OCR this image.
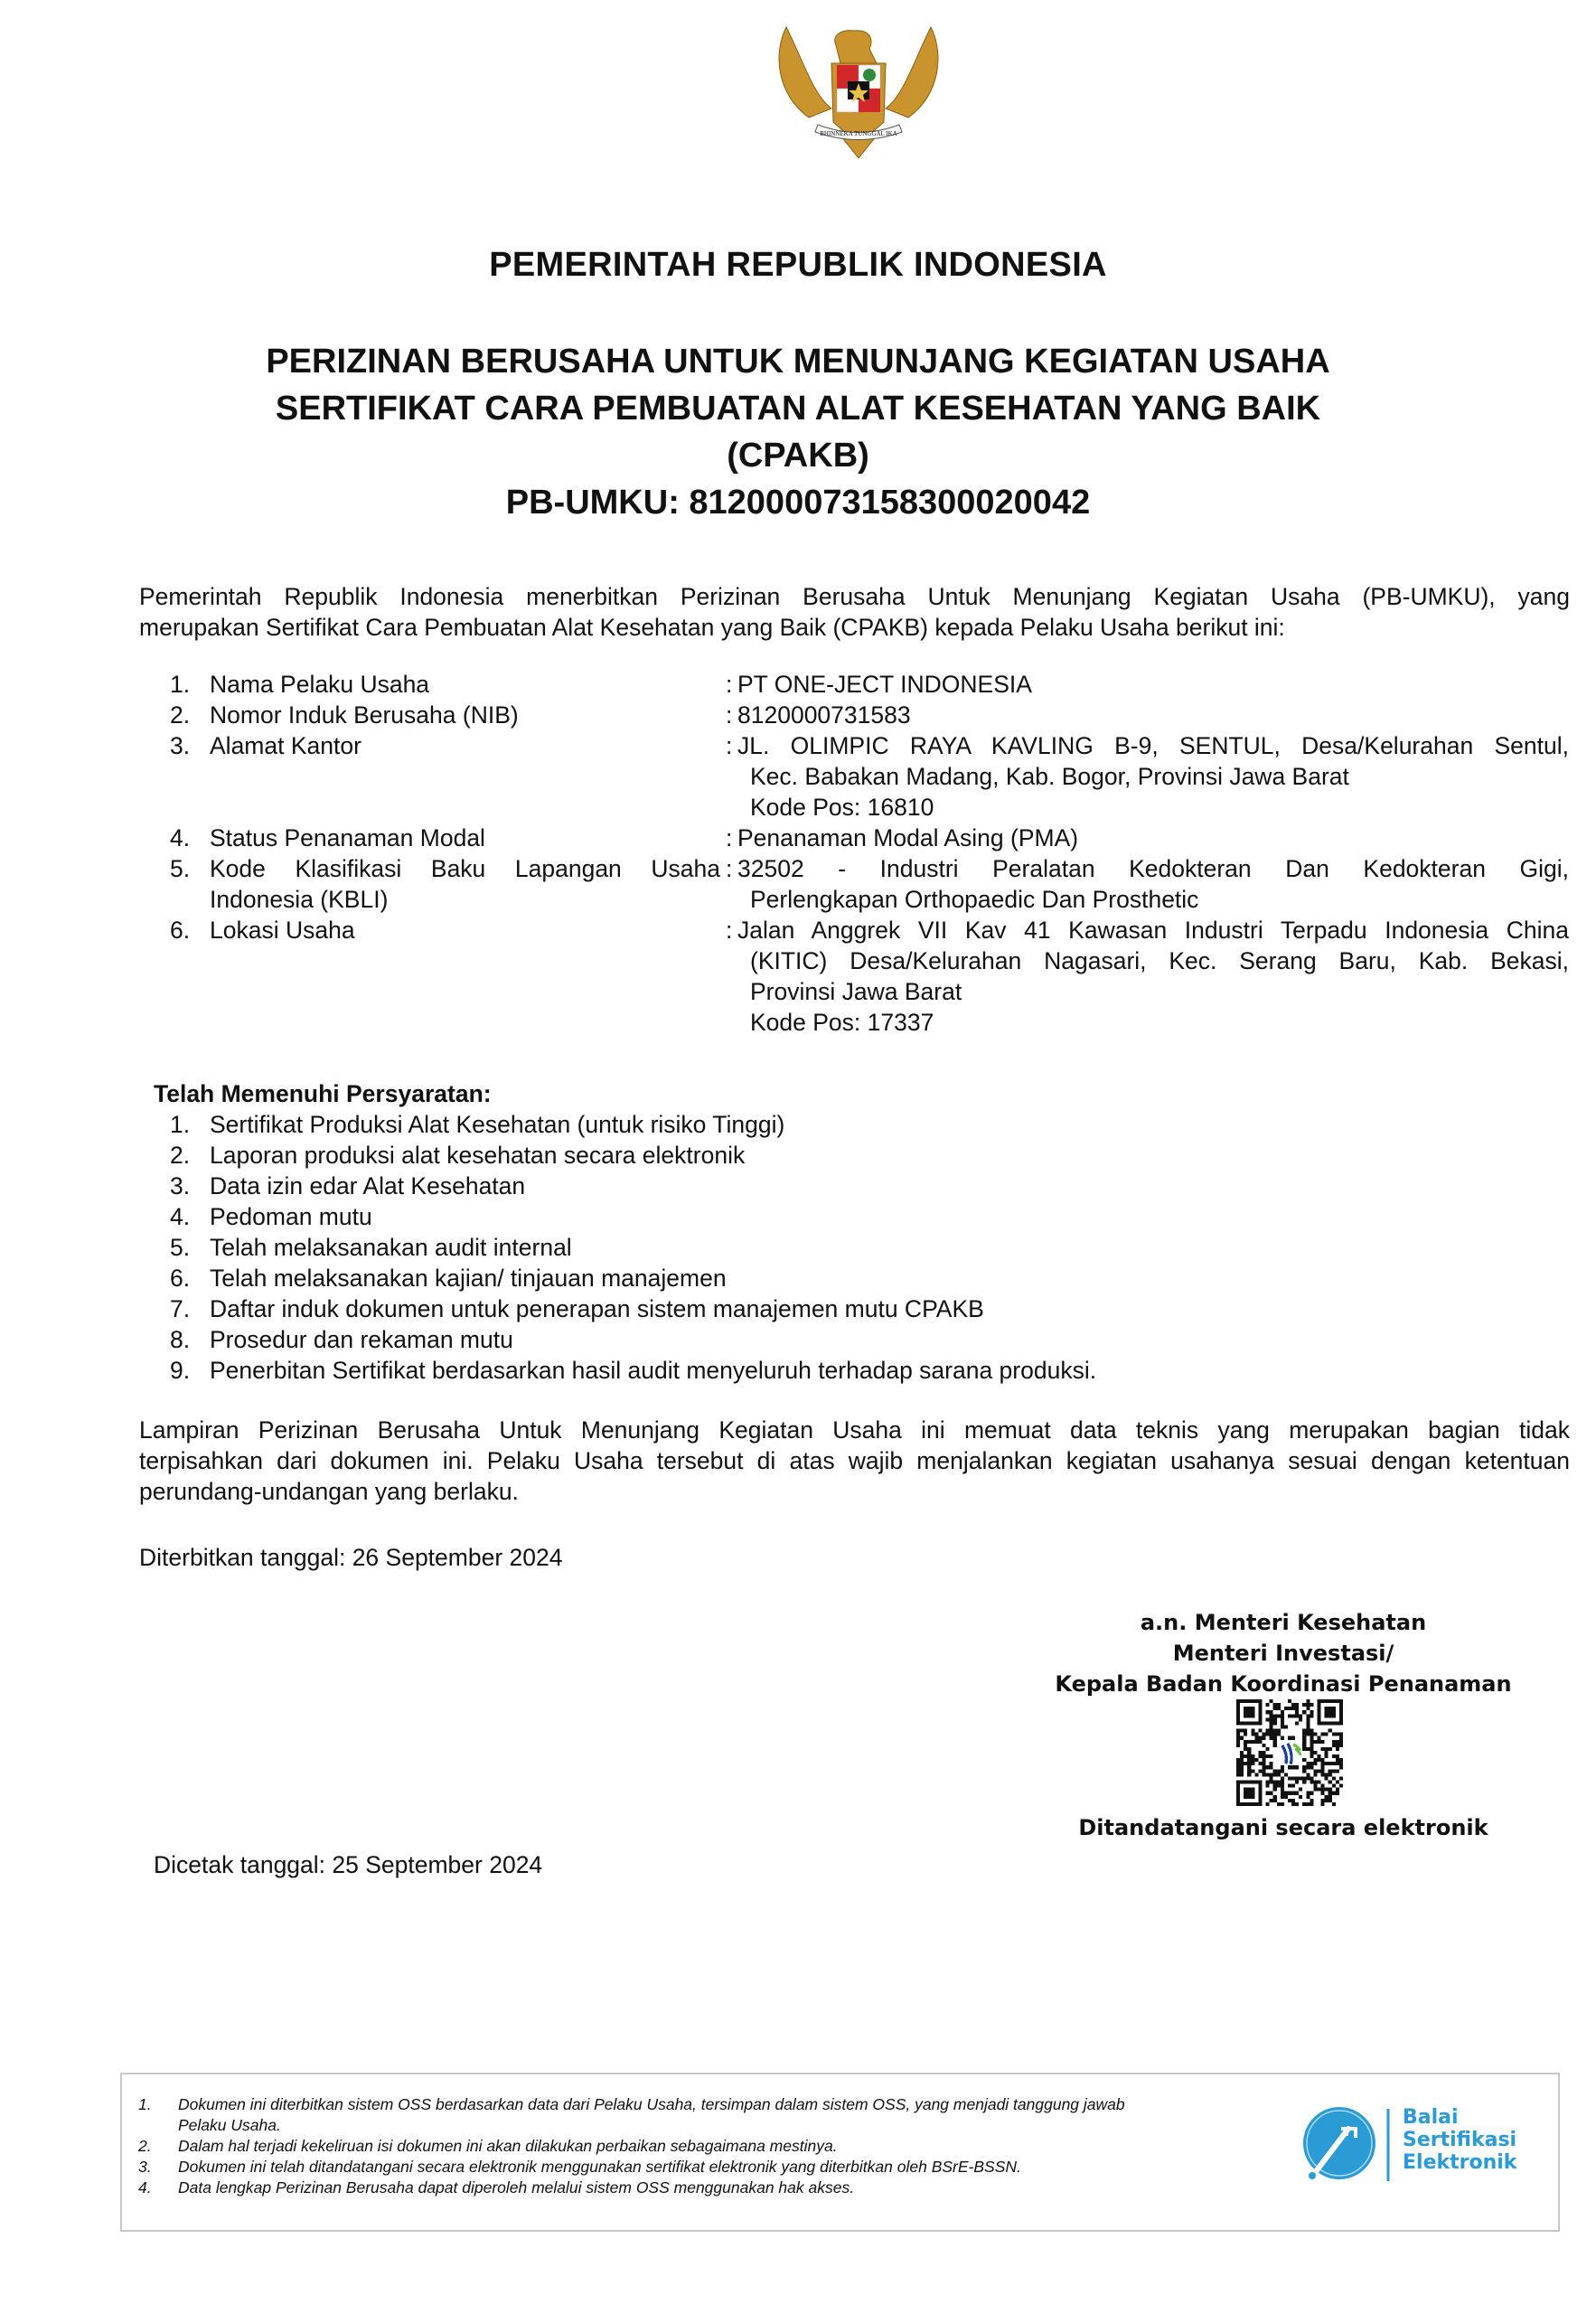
BHINNEKA TUNGGAL IKA
PEMERINTAH REPUBLIK INDONESIA
PERIZINAN BERUSAHA UNTUK MENUNJANG KEGIATAN USAHA
SERTIFIKAT CARA PEMBUATAN ALAT KESEHATAN YANG BAIK
(CPAKB)
PB-UMKU: 812000073158300020042
Pemerintah Republik Indonesia menerbitkan Perizinan Berusaha Untuk Menunjang Kegiatan Usaha (PB-UMKU), yang
merupakan Sertifikat Cara Pembuatan Alat Kesehatan yang Baik (CPAKB) kepada Pelaku Usaha berikut ini:
1. Nama Pelaku Usaha	: PT ONE-JECT INDONESIA
2. Nomor Induk Berusaha (NIB)	: 8120000731583
3. Alamat Kantor	: JL. OLIMPIC RAYA KAVLING B-9, SENTUL, Desa/Kelurahan Sentul,
Kec. Babakan Madang, Kab. Bogor, Provinsi Jawa Barat
Kode Pos: 16810
4. Status Penanaman Modal	: Penanaman Modal Asing (PMA)
5. Kode Klasifikasi Baku Lapangan Usaha : 32502 - Industri Peralatan Kedokteran Dan Kedokteran Gigi,
Indonesia (KBLI)	Perlengkapan Orthopaedic Dan Prosthetic
6. Lokasi Usaha	: Jalan Anggrek VII Kav 41 Kawasan Industri Terpadu Indonesia China
(KITIC) Desa/Kelurahan Nagasari, Kec. Serang Baru, Kab. Bekasi,
Provinsi Jawa Barat
Kode Pos: 17337
Telah Memenuhi Persyaratan:
1. Sertifikat Produksi Alat Kesehatan (untuk risiko Tinggi)
2. Laporan produksi alat kesehatan secara elektronik
3. Data izin edar Alat Kesehatan
4. Pedoman mutu
5. Telah melaksanakan audit internal
6. Telah melaksanakan kajian/ tinjauan manajemen
7. Daftar induk dokumen untuk penerapan sistem manajemen mutu CPAKB
8. Prosedur dan rekaman mutu
9. Penerbitan Sertifikat berdasarkan hasil audit menyeluruh terhadap sarana produksi.
Lampiran Perizinan Berusaha Untuk Menunjang Kegiatan Usaha ini memuat data teknis yang merupakan bagian tidak
terpisahkan dari dokumen ini. Pelaku Usaha tersebut di atas wajib menjalankan kegiatan usahanya sesuai dengan ketentuan
perundang-undangan yang berlaku.
Diterbitkan tanggal: 26 September 2024
a.n. Menteri Kesehatan
Menteri Investasi/
Kepala Badan Koordinasi Penanaman
Ditandatangani secara elektronik
Dicetak tanggal: 25 September 2024
1. Dokumen ini diterbitkan sistem OSS berdasarkan data dari Pelaku Usaha, tersimpan dalam sistem OSS, yang menjadi tanggung jawab
Pelaku Usaha.
2. Dalam hal terjadi kekeliruan isi dokumen ini akan dilakukan perbaikan sebagaimana mestinya.
3. Dokumen ini telah ditandatangani secara elektronik menggunakan sertifikat elektronik yang diterbitkan oleh BSrE-BSSN.
4. Data lengkap Perizinan Berusaha dapat diperoleh melalui sistem OSS menggunakan hak akses.
Balai
Sertifikasi
Elektronik
